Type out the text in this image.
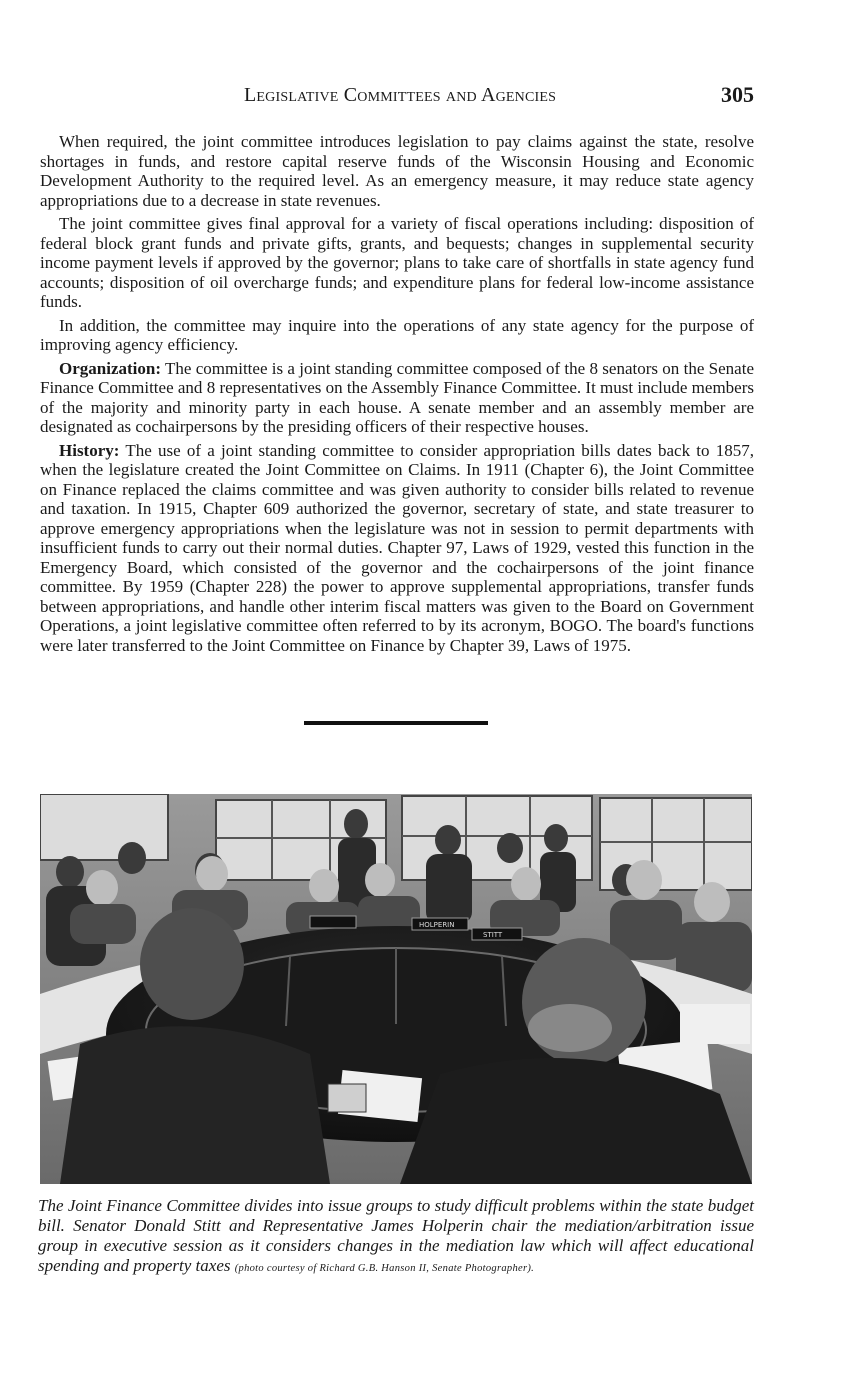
Legislative Committees and Agencies	305

When required, the joint committee introduces legislation to pay claims against the state, resolve shortages in funds, and restore capital reserve funds of the Wisconsin Housing and Economic Development Authority to the required level. As an emergency measure, it may reduce state agency appropriations due to a decrease in state revenues.

The joint committee gives final approval for a variety of fiscal operations including: disposition of federal block grant funds and private gifts, grants, and bequests; changes in supplemental security income payment levels if approved by the governor; plans to take care of shortfalls in state agency fund accounts; disposition of oil overcharge funds; and expenditure plans for federal low-income assistance funds.

In addition, the committee may inquire into the operations of any state agency for the purpose of improving agency efficiency.

Organization: The committee is a joint standing committee composed of the 8 senators on the Senate Finance Committee and 8 representatives on the Assembly Finance Committee. It must include members of the majority and minority party in each house. A senate member and an assembly member are designated as cochairpersons by the presiding officers of their respective houses.

History: The use of a joint standing committee to consider appropriation bills dates back to 1857, when the legislature created the Joint Committee on Claims. In 1911 (Chapter 6), the Joint Committee on Finance replaced the claims committee and was given authority to consider bills related to revenue and taxation. In 1915, Chapter 609 authorized the governor, secretary of state, and state treasurer to approve emergency appropriations when the legislature was not in session to permit departments with insufficient funds to carry out their normal duties. Chapter 97, Laws of 1929, vested this function in the Emergency Board, which consisted of the governor and the cochairpersons of the joint finance committee. By 1959 (Chapter 228) the power to approve supplemental appropriations, transfer funds between appropriations, and handle other interim fiscal matters was given to the Board on Government Operations, a joint legislative committee often referred to by its acronym, BOGO. The board's functions were later transferred to the Joint Committee on Finance by Chapter 39, Laws of 1975.

STITT
HOLPERIN
The Joint Finance Committee divides into issue groups to study difficult problems within the state budget bill. Senator Donald Stitt and Representative James Holperin chair the mediation/arbitration issue group in executive session as it considers changes in the mediation law which will affect educational spending and property taxes (photo courtesy of Richard G.B. Hanson II, Senate Photographer).
